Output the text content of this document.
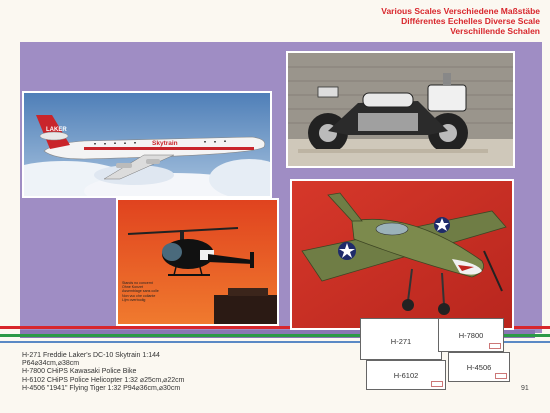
Various Scales Verschiedene Maßstäbe
Différentes Echelles Diverse Scale
Verschillende Schalen
LAKER
Skytrain
Stands no concemt
Ohne Konzet
Assemblage sans colle
Non vuc che coliante
Lijm overbodig
H-271 Freddie Laker's DC-10 Skytrain 1:144
P64⌀34cm,⌀38cm
H-7800 CHiPS Kawasaki Police Bike
H-6102 CHiPS Police Helicopter 1:32 ⌀25cm,⌀22cm
H-4506 "1941" Flying Tiger 1:32 P94⌀36cm,⌀30cm
H-271
H-7800
H-6102
H-4506
91
